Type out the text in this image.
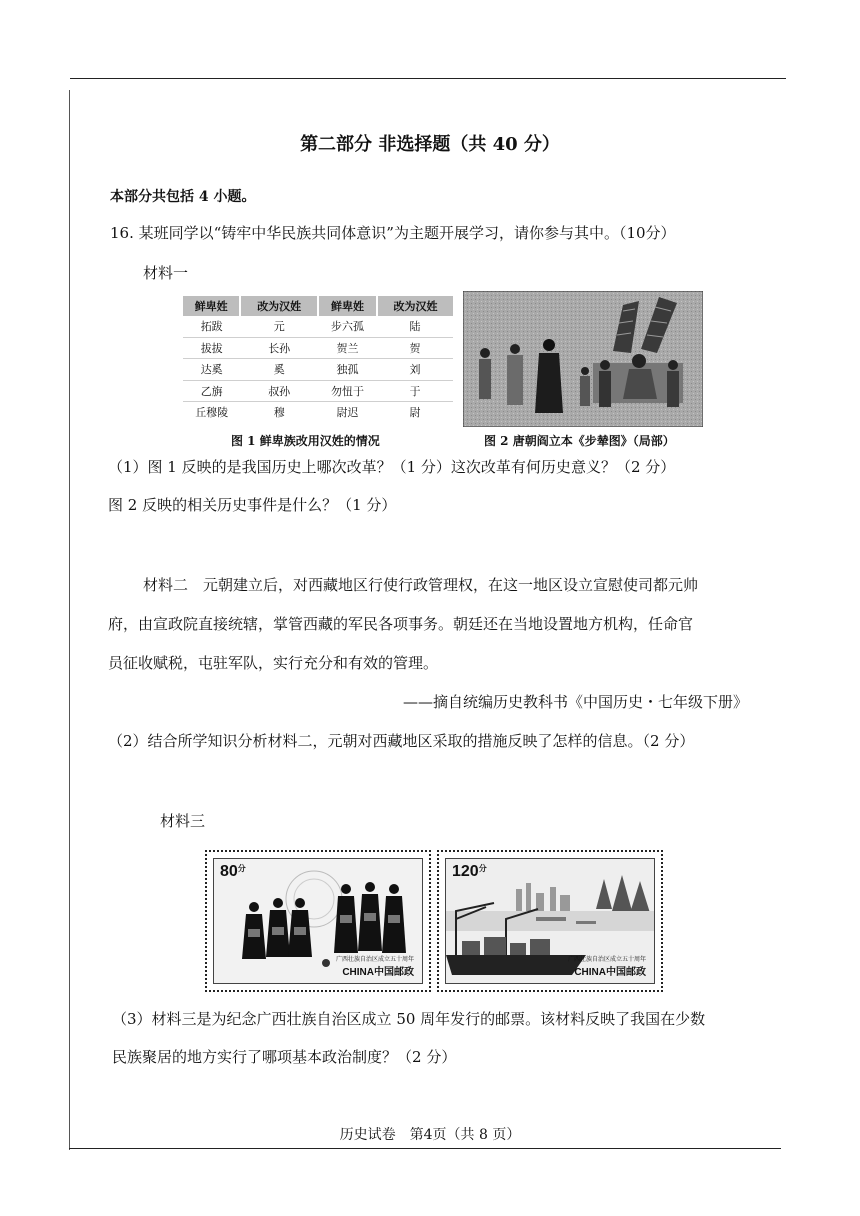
第二部分 非选择题（共 40 分）
本部分共包括 4 小题。
16. 某班同学以“铸牢中华民族共同体意识”为主题开展学习，请你参与其中。（10分）
材料一
鲜卑姓	改为汉姓	鲜卑姓	改为汉姓
拓跋	元	步六孤	陆
拔拔	长孙	贺兰	贺
达奚	奚	独孤	刘
乙旃	叔孙	勿忸于	于
丘穆陵	穆	尉迟	尉
图 1 鲜卑族改用汉姓的情况	图 2 唐朝阎立本《步辇图》（局部）
（1）图 1 反映的是我国历史上哪次改革？（1 分）这次改革有何历史意义？（2 分）
图 2 反映的相关历史事件是什么？（1 分）
材料二　元朝建立后，对西藏地区行使行政管理权，在这一地区设立宣慰使司都元帅
府，由宣政院直接统辖，掌管西藏的军民各项事务。朝廷还在当地设置地方机构，任命官
员征收赋税，屯驻军队，实行充分和有效的管理。
——摘自统编历史教科书《中国历史・七年级下册》
（2）结合所学知识分析材料二，元朝对西藏地区采取的措施反映了怎样的信息。（2 分）
材料三
$80^分$
广西壮族自治区成立五十周年
CHINA中国邮政
$120^分$
广西壮族自治区成立五十周年
CHINA中国邮政
（3）材料三是为纪念广西壮族自治区成立 50 周年发行的邮票。该材料反映了我国在少数
民族聚居的地方实行了哪项基本政治制度？（2 分）
历史试卷　第4页（共 8 页）
